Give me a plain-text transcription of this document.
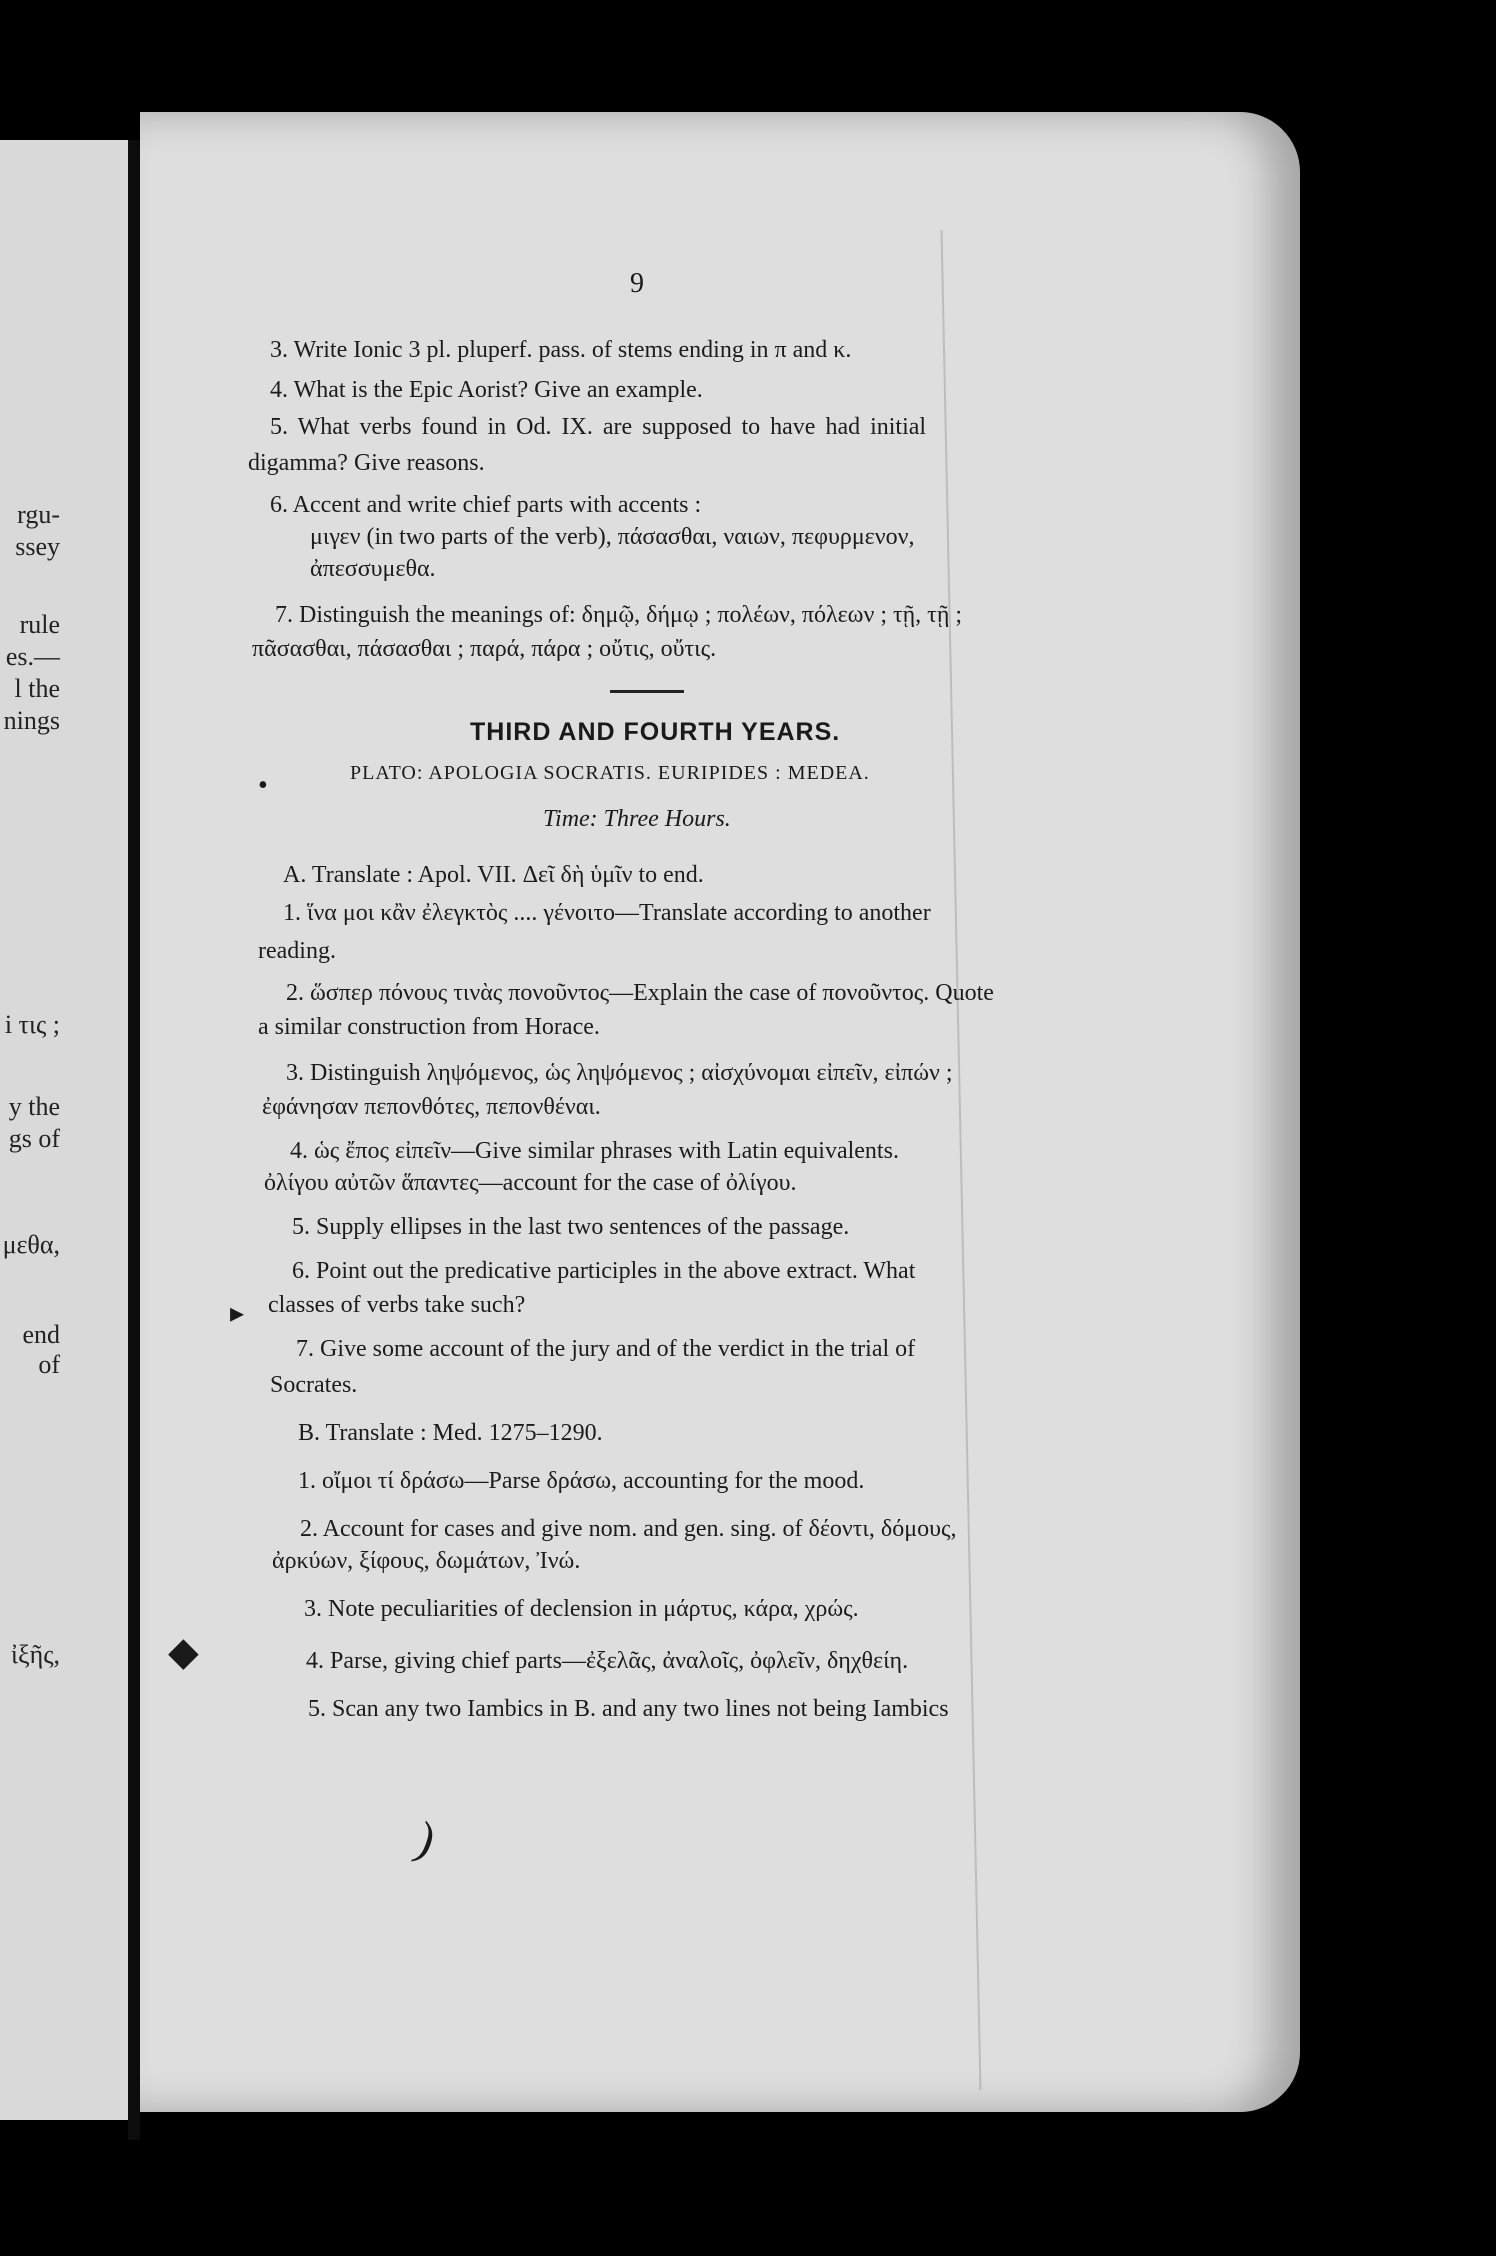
rgu-
ssey
rule
es.—
l the
nings
i τις ;
y the
gs of
μεθα,
end of
ἰξῆς,
9
3. Write Ionic 3 pl. pluperf. pass. of stems ending in π and κ.
4. What is the Epic Aorist? Give an example.
5. What verbs found in Od. IX. are supposed to have had initial
digamma? Give reasons.
6. Accent and write chief parts with accents :
μιγεν (in two parts of the verb), πάσασθαι, ναιων, πεφυρμενον,
ἀπεσσυμεθα.
7. Distinguish the meanings of: δημῷ, δήμῳ ; πολέων, πόλεων ; τῇ, τῇ ;
πᾶσασθαι, πάσασθαι ; παρά, πάρα ; οὔτις, οὔτις.
THIRD AND FOURTH YEARS.
PLATO: APOLOGIA SOCRATIS. EURIPIDES : MEDEA.
Time: Three Hours.
A. Translate : Apol. VII. Δεῖ δὴ ὑμῖν to end.
1. ἵνα μοι κἂν ἐλεγκτὸς .... γένοιτο—Translate according to another
reading.
2. ὥσπερ πόνους τινὰς πονοῦντος—Explain the case of πονοῦντος. Quote
a similar construction from Horace.
3. Distinguish ληψόμενος, ὡς ληψόμενος ; αἰσχύνομαι εἰπεῖν, εἰπών ;
ἐφάνησαν πεπονθότες, πεπονθέναι.
4. ὡς ἔπος εἰπεῖν—Give similar phrases with Latin equivalents.
ὀλίγου αὐτῶν ἅπαντες—account for the case of ὀλίγου.
5. Supply ellipses in the last two sentences of the passage.
6. Point out the predicative participles in the above extract. What
classes of verbs take such?
7. Give some account of the jury and of the verdict in the trial of
Socrates.
B. Translate : Med. 1275–1290.
1. οἴμοι τί δράσω—Parse δράσω, accounting for the mood.
2. Account for cases and give nom. and gen. sing. of δέοντι, δόμους,
ἀρκύων, ξίφους, δωμάτων, Ἰνώ.
3. Note peculiarities of declension in μάρτυς, κάρα, χρώς.
4. Parse, giving chief parts—ἐξελᾶς, ἀναλοῖς, ὀφλεῖν, δηχθείη.
5. Scan any two Iambics in B. and any two lines not being Iambics
•
▸
◆
)
